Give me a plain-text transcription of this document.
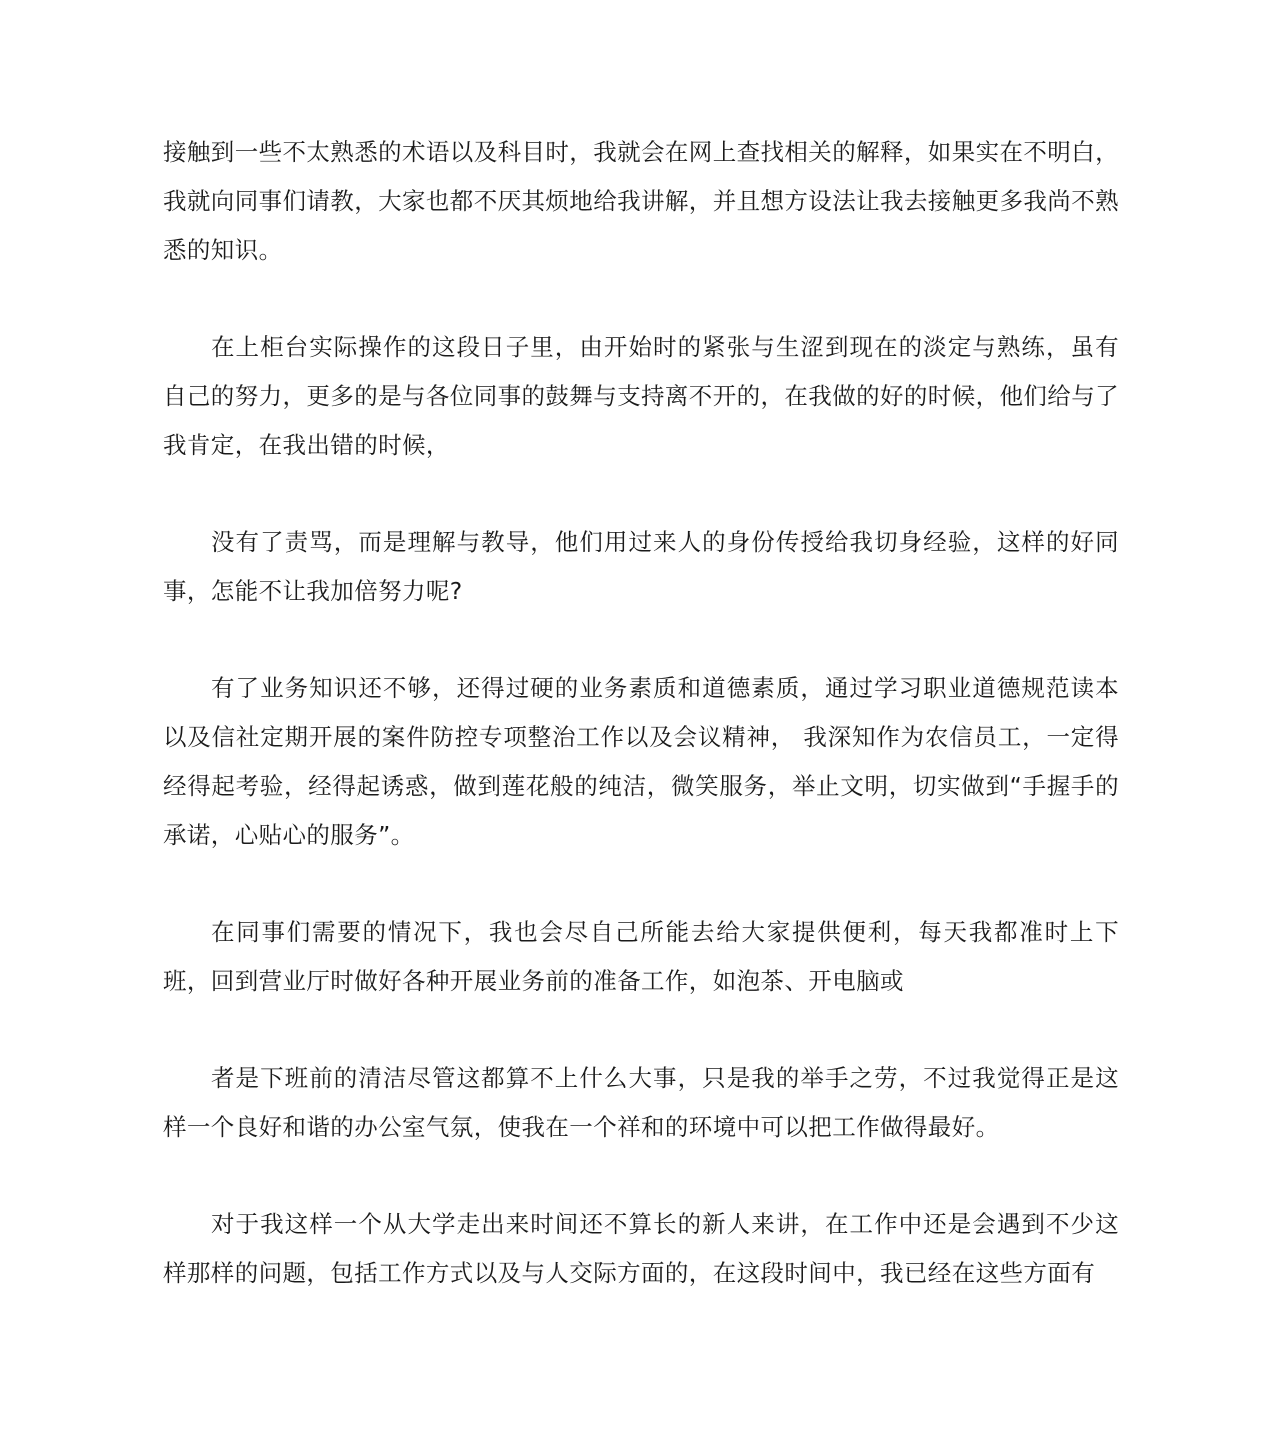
接触到一些不太熟悉的术语以及科目时，我就会在网上查找相关的解释，如果实在不明白，我就向同事们请教，大家也都不厌其烦地给我讲解，并且想方设法让我去接触更多我尚不熟悉的知识。

在上柜台实际操作的这段日子里，由开始时的紧张与生涩到现在的淡定与熟练，虽有自己的努力，更多的是与各位同事的鼓舞与支持离不开的，在我做的好的时候，他们给与了我肯定，在我出错的时候，

没有了责骂，而是理解与教导，他们用过来人的身份传授给我切身经验，这样的好同事，怎能不让我加倍努力呢?

有了业务知识还不够，还得过硬的业务素质和道德素质，通过学习职业道德规范读本以及信社定期开展的案件防控专项整治工作以及会议精神， 我深知作为农信员工，一定得经得起考验，经得起诱惑，做到莲花般的纯洁，微笑服务，举止文明，切实做到“手握手的承诺，心贴心的服务”。

在同事们需要的情况下，我也会尽自己所能去给大家提供便利，每天我都准时上下班，回到营业厅时做好各种开展业务前的准备工作，如泡茶、开电脑或

者是下班前的清洁尽管这都算不上什么大事，只是我的举手之劳，不过我觉得正是这样一个良好和谐的办公室气氛，使我在一个祥和的环境中可以把工作做得最好。

对于我这样一个从大学走出来时间还不算长的新人来讲，在工作中还是会遇到不少这样那样的问题，包括工作方式以及与人交际方面的，在这段时间中，我已经在这些方面有
